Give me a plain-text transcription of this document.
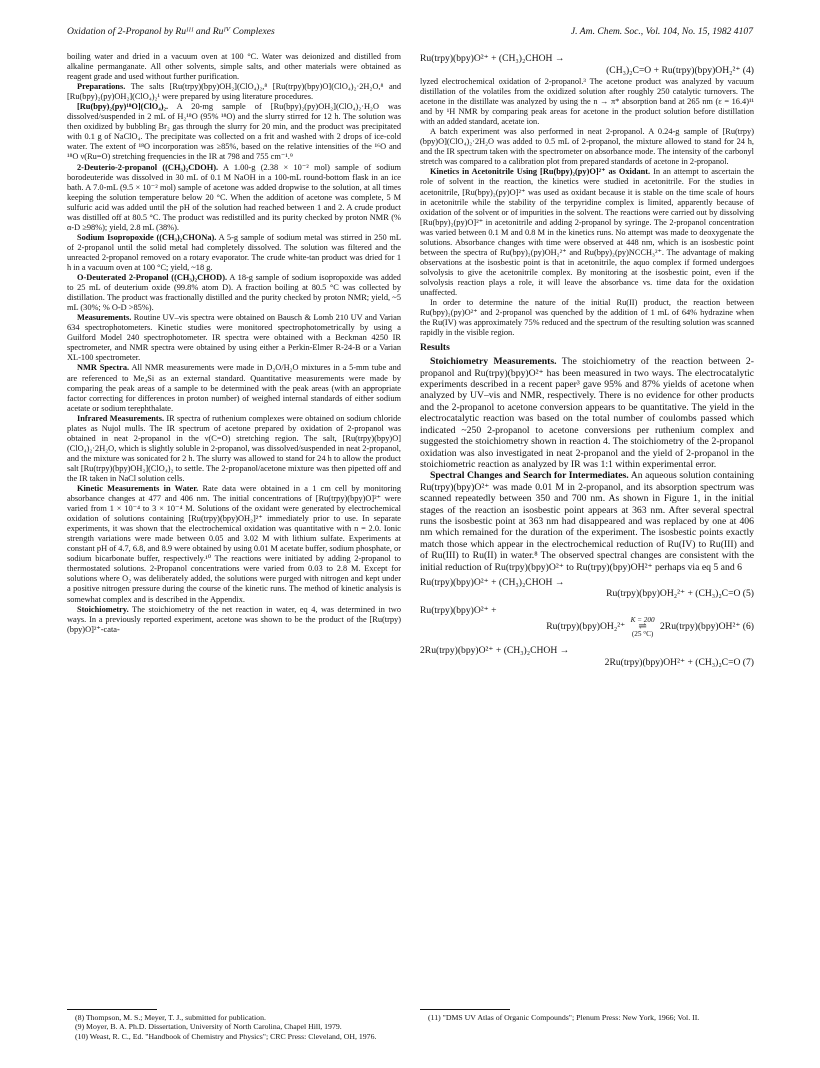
Oxidation of 2-Propanol by Ruᴵᴵᴵ and Ruᴵⱽ Complexes	J. Am. Chem. Soc., Vol. 104, No. 15, 1982 4107

boiling water and dried in a vacuum oven at 100 °C. Water was deionized and distilled from alkaline permanganate. All other solvents, simple salts, and other materials were obtained as reagent grade and used without further purification.

Preparations. The salts [Ru(trpy)(bpy)OH₂](ClO₄)₂,⁸ [Ru(trpy)(bpy)O](ClO₄)₂·2H₂O,⁸ and [Ru(bpy)₂(py)OH₂](ClO₄)₂¹ were prepared by using literature procedures.

[Ru(bpy)₂(py)¹⁸O](ClO₄)₂. A 20-mg sample of [Ru(bpy)₂(py)OH₂](ClO₄)₂·H₂O was dissolved/suspended in 2 mL of H₂¹⁸O (95% ¹⁸O) and the slurry stirred for 12 h. The solution was then oxidized by bubbling Br₂ gas through the slurry for 20 min, and the product was precipitated with 0.1 g of NaClO₄. The precipitate was collected on a frit and washed with 2 drops of ice-cold water. The extent of ¹⁸O incorporation was ≥85%, based on the relative intensities of the ¹⁶O and ¹⁸O ν(Ru=O) stretching frequencies in the IR at 798 and 755 cm⁻¹.⁹

2-Deuterio-2-propanol ((CH₃)₂CDOH). A 1.00-g (2.38 × 10⁻² mol) sample of sodium borodeuteride was dissolved in 30 mL of 0.1 M NaOH in a 100-mL round-bottom flask in an ice bath. A 7.0-mL (9.5 × 10⁻² mol) sample of acetone was added dropwise to the solution, at all times keeping the solution temperature below 20 °C. When the addition of acetone was complete, 5 M sulfuric acid was added until the pH of the solution had reached between 1 and 2. A crude product was distilled off at 80.5 °C. The product was redistilled and its purity checked by proton NMR (% α-D ≥98%); yield, 2.8 mL (38%).

Sodium Isopropoxide ((CH₃)₂CHONa). A 5-g sample of sodium metal was stirred in 250 mL of 2-propanol until the solid metal had completely dissolved. The solution was filtered and the unreacted 2-propanol removed on a rotary evaporator. The crude white-tan product was dried for 1 h in a vacuum oven at 100 °C; yield, ~18 g.

O-Deuterated 2-Propanol ((CH₃)₂CHOD). A 18-g sample of sodium isopropoxide was added to 25 mL of deuterium oxide (99.8% atom D). A fraction boiling at 80.5 °C was collected by distillation. The product was fractionally distilled and the purity checked by proton NMR; yield, ~5 mL (30%; % O-D >85%).

Measurements. Routine UV–vis spectra were obtained on Bausch & Lomb 210 UV and Varian 634 spectrophotometers. Kinetic studies were monitored spectrophotometrically by using a Guilford Model 240 spectrophotometer. IR spectra were obtained with a Beckman 4250 IR spectrometer, and NMR spectra were obtained by using either a Perkin-Elmer R-24-B or a Varian XL-100 spectrometer.

NMR Spectra. All NMR measurements were made in D₂O/H₂O mixtures in a 5-mm tube and are referenced to Me₄Si as an external standard. Quantitative measurements were made by comparing the peak areas of a sample to be determined with the peak areas (with an appropriate factor correcting for differences in proton number) of weighed internal standards of either sodium acetate or sodium terephthalate.

Infrared Measurements. IR spectra of ruthenium complexes were obtained on sodium chloride plates as Nujol mulls. The IR spectrum of acetone prepared by oxidation of 2-propanol was obtained in neat 2-propanol in the ν(C=O) stretching region. The salt, [Ru(trpy)(bpy)O](ClO₄)₂·2H₂O, which is slightly soluble in 2-propanol, was dissolved/suspended in neat 2-propanol, and the mixture was sonicated for 2 h. The slurry was allowed to stand for 24 h to allow the product salt [Ru(trpy)(bpy)OH₂](ClO₄)₂ to settle. The 2-propanol/acetone mixture was then pipetted off and the IR taken in NaCl solution cells.

Kinetic Measurements in Water. Rate data were obtained in a 1 cm cell by monitoring absorbance changes at 477 and 406 nm. The initial concentrations of [Ru(trpy)(bpy)O]²⁺ were varied from 1 × 10⁻⁴ to 3 × 10⁻⁴ M. Solutions of the oxidant were generated by electrochemical oxidation of solutions containing [Ru(trpy)(bpy)OH₂]²⁺ immediately prior to use. In separate experiments, it was shown that the electrochemical oxidation was quantitative with n = 2.0. Ionic strength variations were made between 0.05 and 3.02 M with lithium sulfate. Experiments at constant pH of 4.7, 6.8, and 8.9 were obtained by using 0.01 M acetate buffer, sodium phosphate, or sodium bicarbonate buffer, respectively.¹⁰ The reactions were initiated by adding 2-propanol to thermostated solutions. 2-Propanol concentrations were varied from 0.03 to 2.8 M. Except for solutions where O₂ was deliberately added, the solutions were purged with nitrogen and kept under a positive nitrogen pressure during the course of the kinetic runs. The method of kinetic analysis is somewhat complex and is described in the Appendix.

Stoichiometry. The stoichiometry of the net reaction in water, eq 4, was determined in two ways. In a previously reported experiment, acetone was shown to be the product of the [Ru(trpy)(bpy)O]²⁺-cata-

(8) Thompson, M. S.; Meyer, T. J., submitted for publication.

(9) Moyer, B. A. Ph.D. Dissertation, University of North Carolina, Chapel Hill, 1979.

(10) Weast, R. C., Ed. "Handbook of Chemistry and Physics"; CRC Press: Cleveland, OH, 1976.

Ru(trpy)(bpy)O²⁺ + (CH₃)₂CHOH →
(CH₃)₂C=O + Ru(trpy)(bpy)OH₂²⁺ (4)

lyzed electrochemical oxidation of 2-propanol.³ The acetone product was analyzed by vacuum distillation of the volatiles from the oxidized solution after roughly 250 catalytic turnovers. The acetone in the distillate was analyzed by using the n → π* absorption band at 265 nm (ε = 16.4)¹¹ and by ¹H NMR by comparing peak areas for acetone in the product solution before distillation with an added standard, acetate ion.

A batch experiment was also performed in neat 2-propanol. A 0.24-g sample of [Ru(trpy)(bpy)O](ClO₄)₂·2H₂O was added to 0.5 mL of 2-propanol, the mixture allowed to stand for 24 h, and the IR spectrum taken with the spectrometer on absorbance mode. The intensity of the carbonyl stretch was compared to a calibration plot from prepared standards of acetone in 2-propanol.

Kinetics in Acetonitrile Using [Ru(bpy)₂(py)O]²⁺ as Oxidant. In an attempt to ascertain the role of solvent in the reaction, the kinetics were studied in acetonitrile. For the studies in acetonitrile, [Ru(bpy)₂(py)O]²⁺ was used as oxidant because it is stable on the time scale of hours in acetonitrile while the stability of the terpyridine complex is limited, apparently because of oxidation of the solvent or of impurities in the solvent. The reactions were carried out by dissolving [Ru(bpy)₂(py)O]²⁺ in acetonitrile and adding 2-propanol by syringe. The 2-propanol concentration was varied between 0.1 M and 0.8 M in the kinetics runs. No attempt was made to deoxygenate the solutions. Absorbance changes with time were observed at 448 nm, which is an isosbestic point between the spectra of Ru(bpy)₂(py)OH₂²⁺ and Ru(bpy)₂(py)NCCH₃²⁺. The advantage of making observations at the isosbestic point is that in acetonitrile, the aquo complex if formed undergoes solvolysis to give the acetonitrile complex. By monitoring at the isosbestic point, even if the solvolysis reaction plays a role, it will leave the absorbance vs. time data for the oxidation unaffected.

In order to determine the nature of the initial Ru(II) product, the reaction between Ru(bpy)₂(py)O²⁺ and 2-propanol was quenched by the addition of 1 mL of 64% hydrazine when the Ru(IV) was approximately 75% reduced and the spectrum of the resulting solution was scanned rapidly in the visible region.

Results

Stoichiometry Measurements. The stoichiometry of the reaction between 2-propanol and Ru(trpy)(bpy)O²⁺ has been measured in two ways. The electrocatalytic experiments described in a recent paper³ gave 95% and 87% yields of acetone when analyzed by UV–vis and NMR, respectively. There is no evidence for other products and the 2-propanol to acetone conversion appears to be quantitative. The yield in the electrocatalytic reaction was based on the total number of coulombs passed which indicated ~250 2-propanol to acetone conversions per ruthenium complex and suggested the stoichiometry shown in reaction 4. The stoichiometry of the 2-propanol oxidation was also investigated in neat 2-propanol and the yield of 2-propanol in the stoichiometric reaction as analyzed by IR was 1:1 within experimental error.

Spectral Changes and Search for Intermediates. An aqueous solution containing Ru(trpy)(bpy)O²⁺ was made 0.01 M in 2-propanol, and its absorption spectrum was scanned repeatedly between 350 and 700 nm. As shown in Figure 1, in the initial stages of the reaction an isosbestic point appears at 363 nm. After several spectral runs the isosbestic point at 363 nm had disappeared and was replaced by one at 406 nm which remained for the duration of the experiment. The isosbestic points exactly match those which appear in the electrochemical reduction of Ru(IV) to Ru(III) and of Ru(III) to Ru(II) in water.⁸ The observed spectral changes are consistent with the initial reduction of Ru(trpy)(bpy)O²⁺ to Ru(trpy)(bpy)OH²⁺ perhaps via eq 5 and 6

Ru(trpy)(bpy)O²⁺ + (CH₃)₂CHOH →
Ru(trpy)(bpy)OH₂²⁺ + (CH₃)₂C=O (5)
Ru(trpy)(bpy)O²⁺ +
Ru(trpy)(bpy)OH₂²⁺
K = 200
⇌
(25 °C)
2Ru(trpy)(bpy)OH²⁺ (6)
2Ru(trpy)(bpy)O²⁺ + (CH₃)₂CHOH →
2Ru(trpy)(bpy)OH²⁺ + (CH₃)₂C=O (7)

(11) "DMS UV Atlas of Organic Compounds"; Plenum Press: New York, 1966; Vol. II.
